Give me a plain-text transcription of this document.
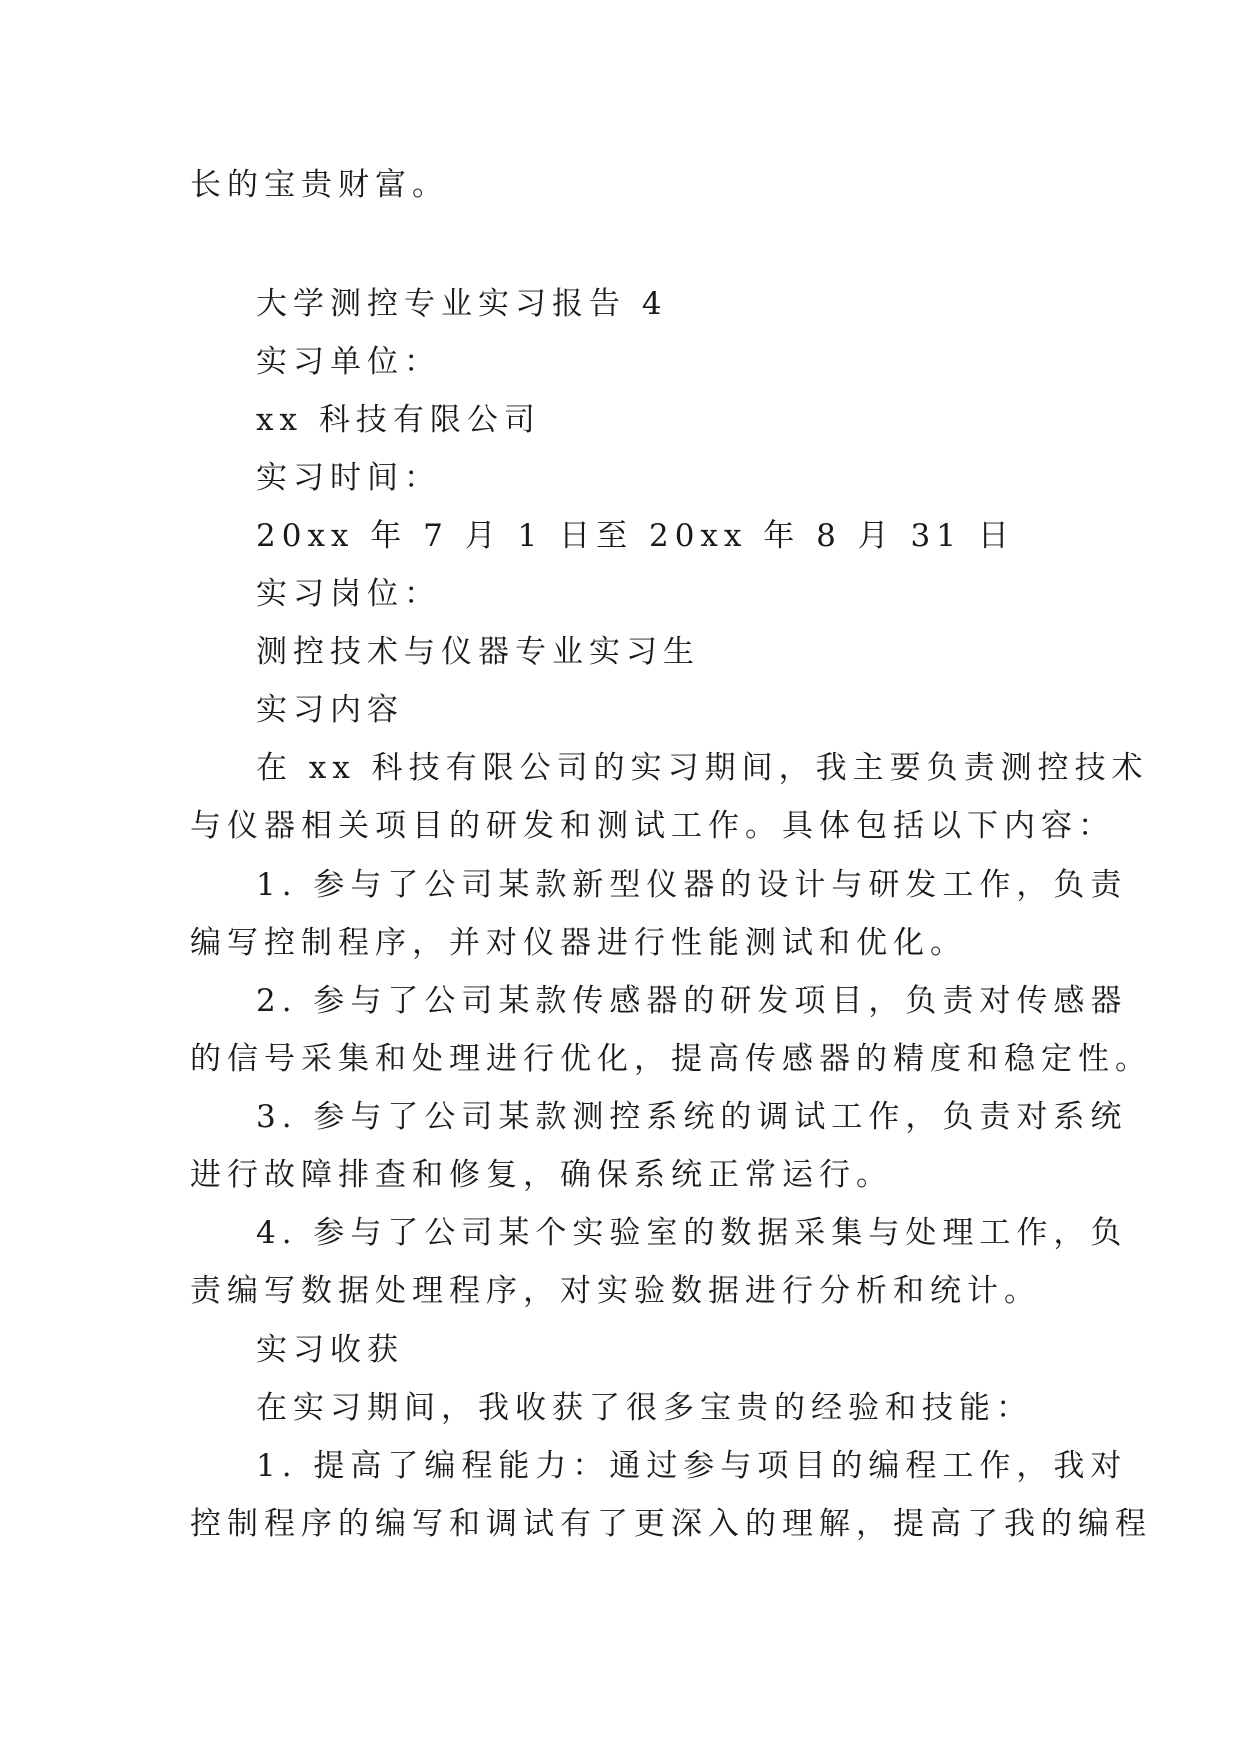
长的宝贵财富。

大学测控专业实习报告 4

实习单位：

xx 科技有限公司

实习时间：

20xx 年 7 月 1 日至 20xx 年 8 月 31 日

实习岗位：

测控技术与仪器专业实习生

实习内容

在 xx 科技有限公司的实习期间，我主要负责测控技术

与仪器相关项目的研发和测试工作。具体包括以下内容：

1. 参与了公司某款新型仪器的设计与研发工作，负责

编写控制程序，并对仪器进行性能测试和优化。

2. 参与了公司某款传感器的研发项目，负责对传感器

的信号采集和处理进行优化，提高传感器的精度和稳定性。

3. 参与了公司某款测控系统的调试工作，负责对系统

进行故障排查和修复，确保系统正常运行。

4. 参与了公司某个实验室的数据采集与处理工作，负

责编写数据处理程序，对实验数据进行分析和统计。

实习收获

在实习期间，我收获了很多宝贵的经验和技能：

1. 提高了编程能力：通过参与项目的编程工作，我对

控制程序的编写和调试有了更深入的理解，提高了我的编程
